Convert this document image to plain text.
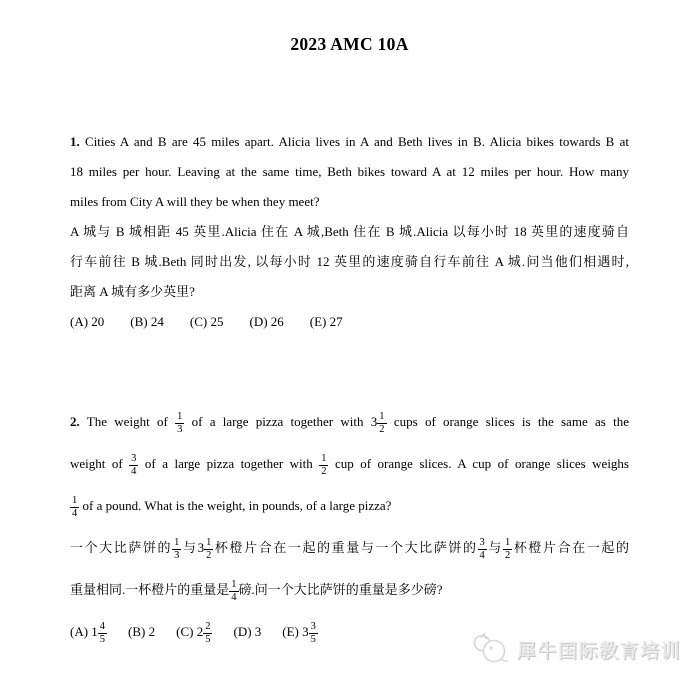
2023 AMC 10A
1. Cities A and B are 45 miles apart. Alicia lives in A and Beth lives in B. Alicia bikes towards B at
18 miles per hour. Leaving at the same time, Beth bikes toward A at 12 miles per hour. How many
miles from City A will they be when they meet?
A 城与 B 城相距 45 英里.Alicia 住在 A 城,Beth 住在 B 城.Alicia 以每小时 18 英里的速度骑自
行车前往 B 城.Beth 同时出发, 以每小时 12 英里的速度骑自行车前往 A 城.问当他们相遇时,
距离 A 城有多少英里?
(A) 20 (B) 24 (C) 25 (D) 26 (E) 27
2. The weight of $\frac{1}{3}$ of a large pizza together with $3 \frac{1}{2}$ cups of orange slices is the same as the
weight of $\frac{3}{4}$ of a large pizza together with $\frac{1}{2}$ cup of orange slices. A cup of orange slices weighs
$\frac{1}{4}$ of a pound. What is the weight, in pounds, of a large pizza?
一个大比萨饼的 $\frac{1}{3}$ 与$3 \frac{1}{2}$ 杯橙片合在一起的重量与一个大比萨饼的 $\frac{3}{4}$ 与 $\frac{1}{2}$ 杯橙片合在一起的
重量相同.一杯橙片的重量是 $\frac{1}{4}$ 磅.问一个大比萨饼的重量是多少磅?
(A) $1 \frac{4}{5} (B)$ 2 (C) $2 \frac{2}{5} (D)$ 3 (E) $3 \frac{3}{5}$
犀牛国际教育培训
